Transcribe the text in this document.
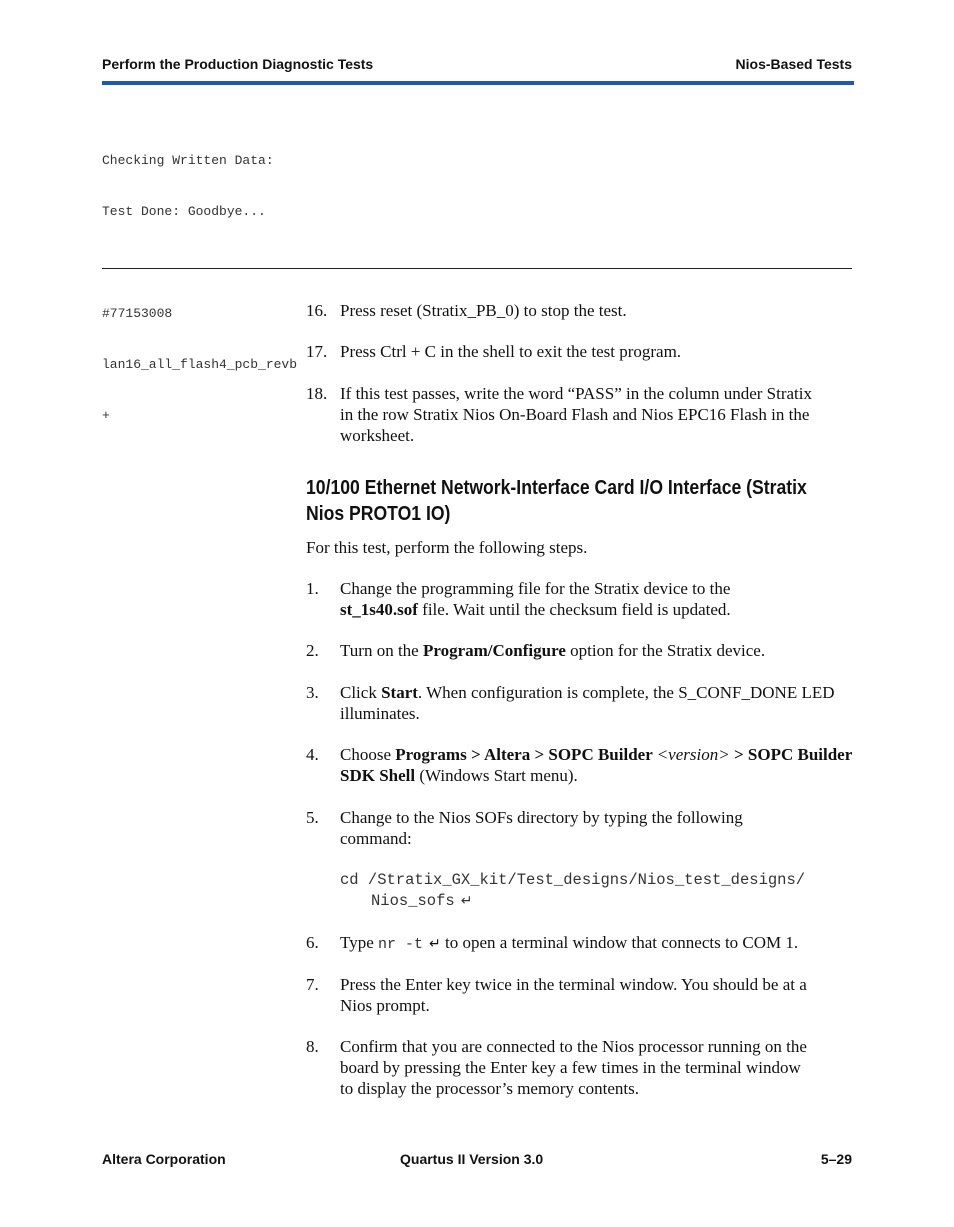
Perform the Production Diagnostic Tests	Nios-Based Tests

Checking Written Data:

Test Done: Goodbye...

#77153008

lan16_all_flash4_pcb_revb

+

16. Press reset (Stratix_PB_0) to stop the test.
17. Press Ctrl + C in the shell to exit the test program.
18. If this test passes, write the word “PASS” in the column under Stratix in the row Stratix Nios On-Board Flash and Nios EPC16 Flash in the worksheet.
10/100 Ethernet Network-Interface Card I/O Interface (Stratix
Nios PROTO1 IO)
For this test, perform the following steps.
1. Change the programming file for the Stratix device to the st_1s40.sof file. Wait until the checksum field is updated.
2. Turn on the Program/Configure option for the Stratix device.
3. Click Start. When configuration is complete, the S_CONF_DONE LED illuminates.
4. Choose Programs > Altera > SOPC Builder <version> > SOPC Builder SDK Shell (Windows Start menu).
5. Change to the Nios SOFs directory by typing the following command:
cd /Stratix_GX_kit/Test_designs/Nios_test_designs/
Nios_sofs ↵
6. Type nr -t ↵ to open a terminal window that connects to COM 1.
7. Press the Enter key twice in the terminal window. You should be at a Nios prompt.
8. Confirm that you are connected to the Nios processor running on the board by pressing the Enter key a few times in the terminal window to display the processor’s memory contents.
Altera Corporation	Quartus II Version 3.0	5–29
